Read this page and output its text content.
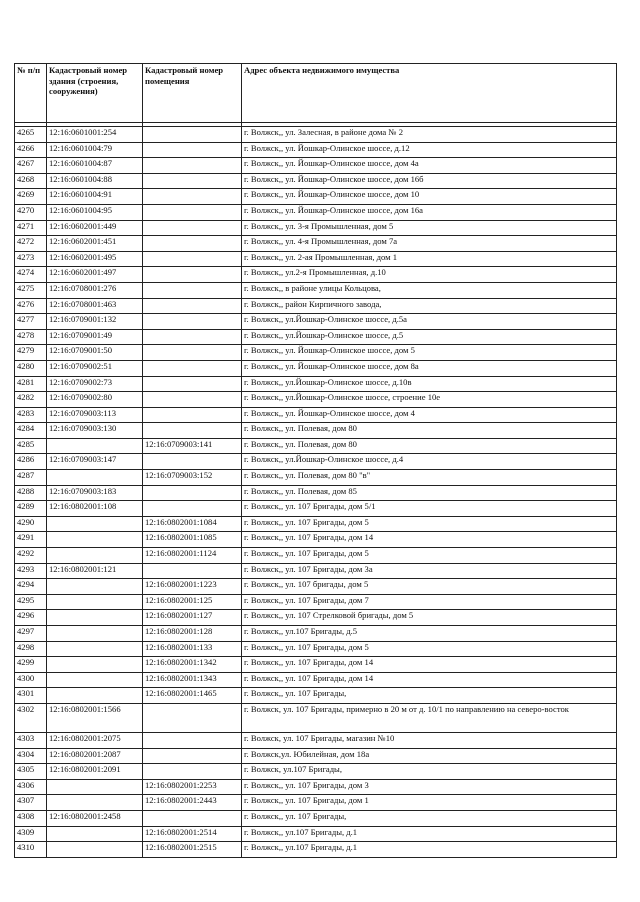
№ п/п	Кадастровый номер здания (строения, сооружения)	Кадастровый номер помещения	Адрес объекта недвижимого имущества

4265	12:16:0601001:254		г. Волжск,, ул. Залесная, в районе дома № 2
4266	12:16:0601004:79		г. Волжск,, ул. Йошкар-Олинское шоссе, д.12
4267	12:16:0601004:87		г. Волжск,, ул. Йошкар-Олинское шоссе, дом 4а
4268	12:16:0601004:88		г. Волжск,, ул. Йошкар-Олинское шоссе, дом 16б
4269	12:16:0601004:91		г. Волжск,, ул. Йошкар-Олинское шоссе, дом 10
4270	12:16:0601004:95		г. Волжск,, ул. Йошкар-Олинское шоссе, дом 16а
4271	12:16:0602001:449		г. Волжск,, ул. 3-я Промышленная, дом 5
4272	12:16:0602001:451		г. Волжск,, ул. 4-я Промышленная, дом 7а
4273	12:16:0602001:495		г. Волжск,, ул. 2-ая Промышленная, дом 1
4274	12:16:0602001:497		г. Волжск,, ул.2-я Промышленная, д.10
4275	12:16:0708001:276		г. Волжск,, в районе улицы Кольцова,
4276	12:16:0708001:463		г. Волжск,, район Кирпичного завода,
4277	12:16:0709001:132		г. Волжск,, ул.Йошкар-Олинское шоссе, д.5а
4278	12:16:0709001:49		г. Волжск,, ул.Йошкар-Олинское шоссе, д.5
4279	12:16:0709001:50		г. Волжск,, ул. Йошкар-Олинское шоссе, дом 5
4280	12:16:0709002:51		г. Волжск,, ул. Йошкар-Олинское шоссе, дом 8а
4281	12:16:0709002:73		г. Волжск,, ул.Йошкар-Олинское шоссе, д.10в
4282	12:16:0709002:80		г. Волжск,, ул.Йошкар-Олинское шоссе, строение 10е
4283	12:16:0709003:113		г. Волжск,, ул. Йошкар-Олинское шоссе, дом 4
4284	12:16:0709003:130		г. Волжск,, ул. Полевая, дом 80
4285		12:16:0709003:141	г. Волжск,, ул. Полевая, дом 80
4286	12:16:0709003:147		г. Волжск,, ул.Йошкар-Олинское шоссе, д.4
4287		12:16:0709003:152	г. Волжск,, ул. Полевая, дом 80 "в"
4288	12:16:0709003:183		г. Волжск,, ул. Полевая, дом 85
4289	12:16:0802001:108		г. Волжск,, ул. 107 Бригады, дом 5/1
4290		12:16:0802001:1084	г. Волжск,, ул. 107 Бригады, дом 5
4291		12:16:0802001:1085	г. Волжск,, ул. 107 Бригады, дом 14
4292		12:16:0802001:1124	г. Волжск,, ул. 107 Бригады, дом 5
4293	12:16:0802001:121		г. Волжск,, ул. 107 Бригады, дом 3а
4294		12:16:0802001:1223	г. Волжск,, ул. 107 бригады, дом 5
4295		12:16:0802001:125	г. Волжск,, ул. 107 Бригады, дом 7
4296		12:16:0802001:127	г. Волжск,, ул. 107 Стрелковой бригады, дом 5
4297		12:16:0802001:128	г. Волжск,, ул.107 Бригады, д.5
4298		12:16:0802001:133	г. Волжск,, ул. 107 Бригады, дом 5
4299		12:16:0802001:1342	г. Волжск,, ул. 107 Бригады, дом 14
4300		12:16:0802001:1343	г. Волжск,, ул. 107 Бригады, дом 14
4301		12:16:0802001:1465	г. Волжск,, ул. 107 Бригады,
4302	12:16:0802001:1566		г. Волжск, ул. 107 Бригады, примерно в 20 м от д. 10/1 по направлению на северо-восток
4303	12:16:0802001:2075		г. Волжск, ул. 107 Бригады, магазин №10
4304	12:16:0802001:2087		г. Волжск,ул. Юбилейная, дом 18а
4305	12:16:0802001:2091		г. Волжск, ул.107 Бригады,
4306		12:16:0802001:2253	г. Волжск,, ул. 107 Бригады, дом 3
4307		12:16:0802001:2443	г. Волжск,, ул. 107 Бригады, дом 1
4308	12:16:0802001:2458		г. Волжск,, ул. 107 Бригады,
4309		12:16:0802001:2514	г. Волжск,, ул.107 Бригады, д.1
4310		12:16:0802001:2515	г. Волжск,, ул.107 Бригады, д.1
